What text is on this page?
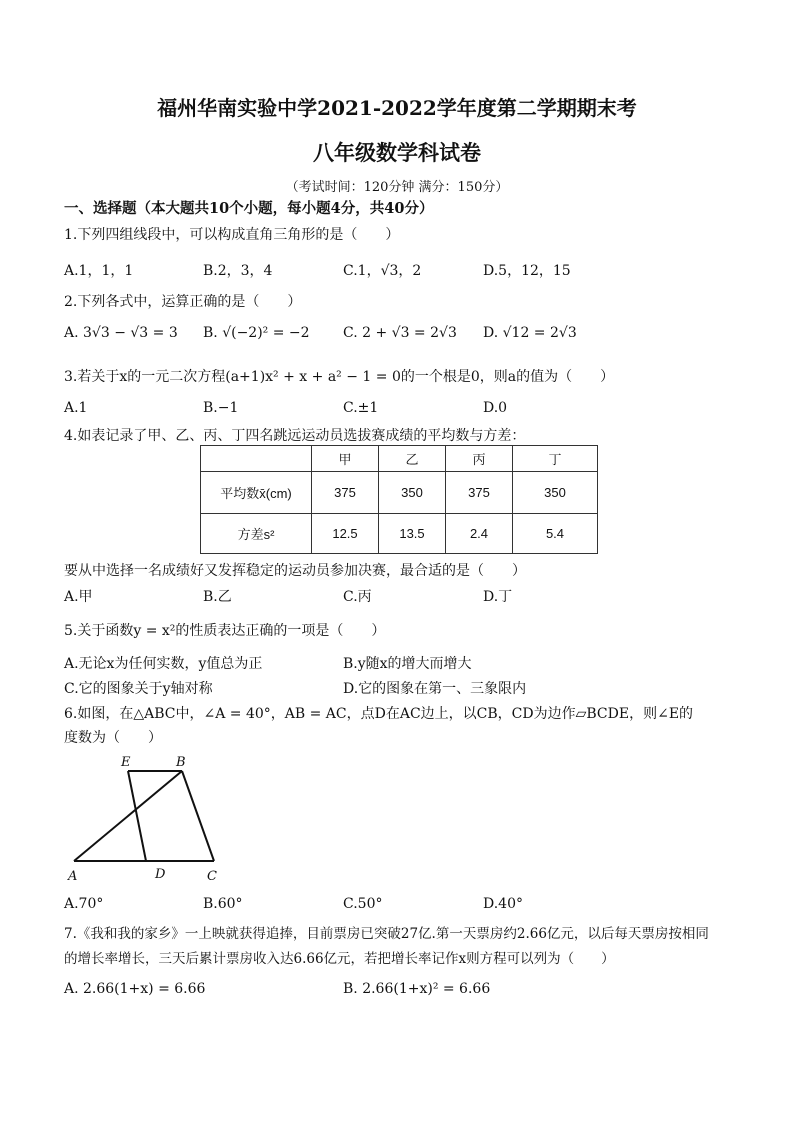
福州华南实验中学2021-2022学年度第二学期期末考
八年级数学科试卷
（考试时间：120分钟 满分：150分）
一、选择题（本大题共10个小题，每小题4分，共40分）
1.下列四组线段中，可以构成直角三角形的是（　　）
A.1，1，1	B.2，3，4	C.1，√3，2	D.5，12，15
2.下列各式中，运算正确的是（　　）
A. 3√3 − √3 = 3 B. √(−2)² = −2 C. 2 + √3 = 2√3 D. √12 = 2√3
3.若关于x的一元二次方程(a+1)x² + x + a² − 1 = 0的一个根是0，则a的值为（　　）
A.1	B.−1	C.±1	D.0
4.如表记录了甲、乙、丙、丁四名跳远运动员选拔赛成绩的平均数与方差：
	甲	乙	丙	丁
平均数x̄(cm)	375	350	375	350
方差s²	12.5	13.5	2.4	5.4
要从中选择一名成绩好又发挥稳定的运动员参加决赛，最合适的是（　　）
A.甲	B.乙	C.丙	D.丁
5.关于函数y = x²的性质表达正确的一项是（　　）
A.无论x为任何实数，y值总为正	B.y随x的增大而增大
C.它的图象关于y轴对称	D.它的图象在第一、三象限内
6.如图，在△ABC中，∠A = 40°，AB = AC，点D在AC边上，以CB，CD为边作▱BCDE，则∠E的
度数为（　　）
E	B
A	D	C
A.70°	B.60°	C.50°	D.40°
7.《我和我的家乡》一上映就获得追捧，目前票房已突破27亿.第一天票房约2.66亿元，以后每天票房按相同
的增长率增长，三天后累计票房收入达6.66亿元，若把增长率记作x则方程可以列为（　　）
A. 2.66(1+x) = 6.66	B. 2.66(1+x)² = 6.66
